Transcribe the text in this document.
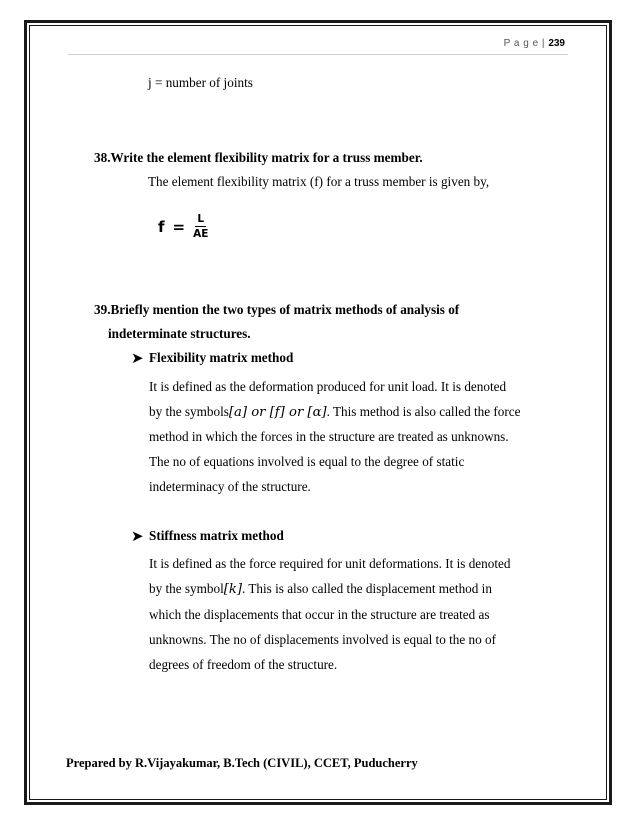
P a g e | 239
j = number of joints
38.Write the element flexibility matrix for a truss member.
The element flexibility matrix (f) for a truss member is given by,
$f = \frac{L}{AE}$
39.Briefly mention the two types of matrix methods of analysis of
indeterminate structures.
➤ Flexibility matrix method
It is defined as the deformation produced for unit load. It is denoted
by the symbols[a] or [f] or [α]. This method is also called the force
method in which the forces in the structure are treated as unknowns.
The no of equations involved is equal to the degree of static
indeterminacy of the structure.
➤ Stiffness matrix method
It is defined as the force required for unit deformations. It is denoted
by the symbol[k]. This is also called the displacement method in
which the displacements that occur in the structure are treated as
unknowns. The no of displacements involved is equal to the no of
degrees of freedom of the structure.
Prepared by R.Vijayakumar, B.Tech (CIVIL), CCET, Puducherry
